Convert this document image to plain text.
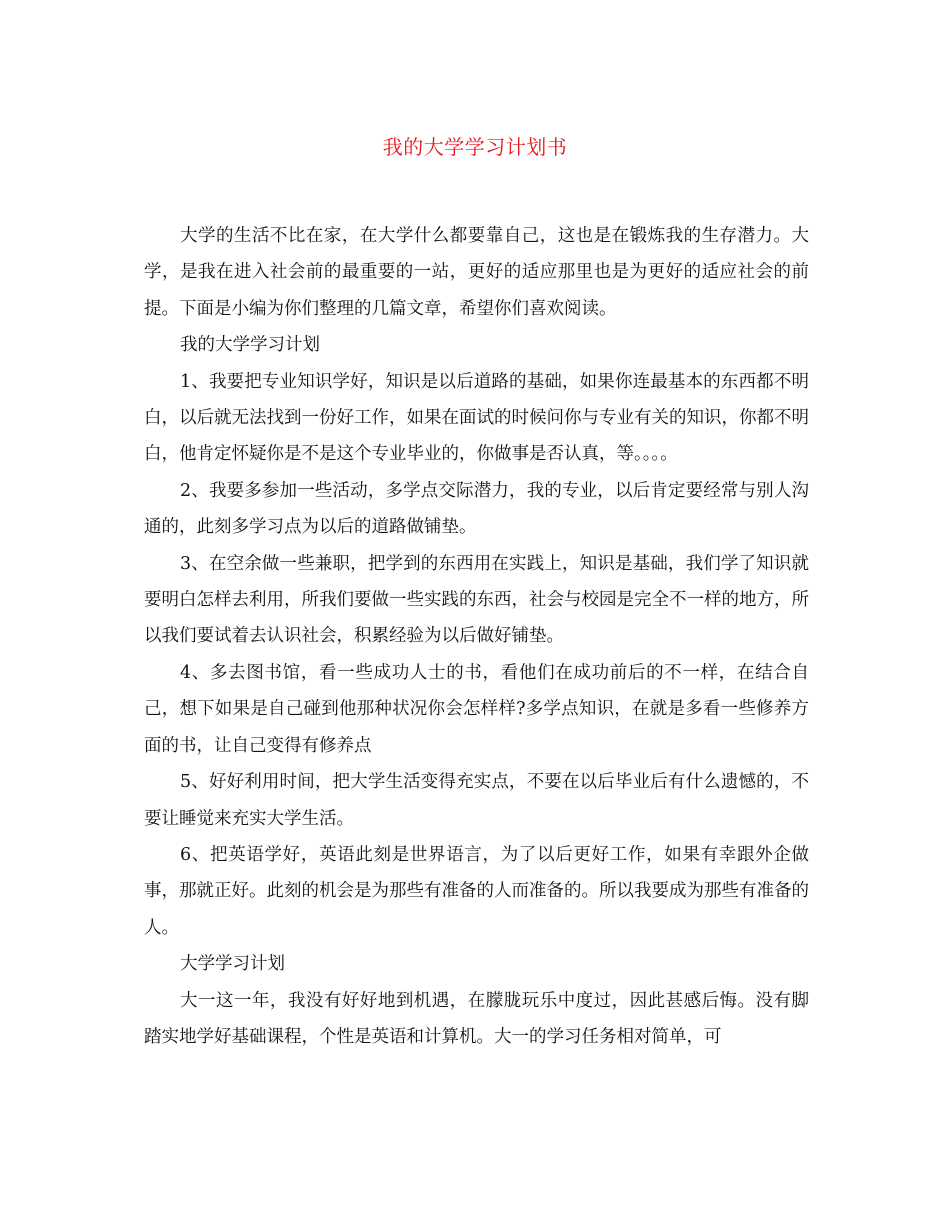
我的大学学习计划书

大学的生活不比在家，在大学什么都要靠自己，这也是在锻炼我的生存潜力。大学，是我在进入社会前的最重要的一站，更好的适应那里也是为更好的适应社会的前提。下面是小编为你们整理的几篇文章，希望你们喜欢阅读。

我的大学学习计划

1、我要把专业知识学好，知识是以后道路的基础，如果你连最基本的东西都不明白，以后就无法找到一份好工作，如果在面试的时候问你与专业有关的知识，你都不明白，他肯定怀疑你是不是这个专业毕业的，你做事是否认真，等。。。。

2、我要多参加一些活动，多学点交际潜力，我的专业，以后肯定要经常与别人沟通的，此刻多学习点为以后的道路做铺垫。

3、在空余做一些兼职，把学到的东西用在实践上，知识是基础，我们学了知识就要明白怎样去利用，所我们要做一些实践的东西，社会与校园是完全不一样的地方，所以我们要试着去认识社会，积累经验为以后做好铺垫。

4、多去图书馆，看一些成功人士的书，看他们在成功前后的不一样，在结合自己，想下如果是自己碰到他那种状况你会怎样样?多学点知识，在就是多看一些修养方面的书，让自己变得有修养点

5、好好利用时间，把大学生活变得充实点，不要在以后毕业后有什么遗憾的，不要让睡觉来充实大学生活。

6、把英语学好，英语此刻是世界语言，为了以后更好工作，如果有幸跟外企做事，那就正好。此刻的机会是为那些有准备的人而准备的。所以我要成为那些有准备的人。

大学学习计划

大一这一年，我没有好好地到机遇，在朦胧玩乐中度过，因此甚感后悔。没有脚踏实地学好基础课程，个性是英语和计算机。大一的学习任务相对简单，可
